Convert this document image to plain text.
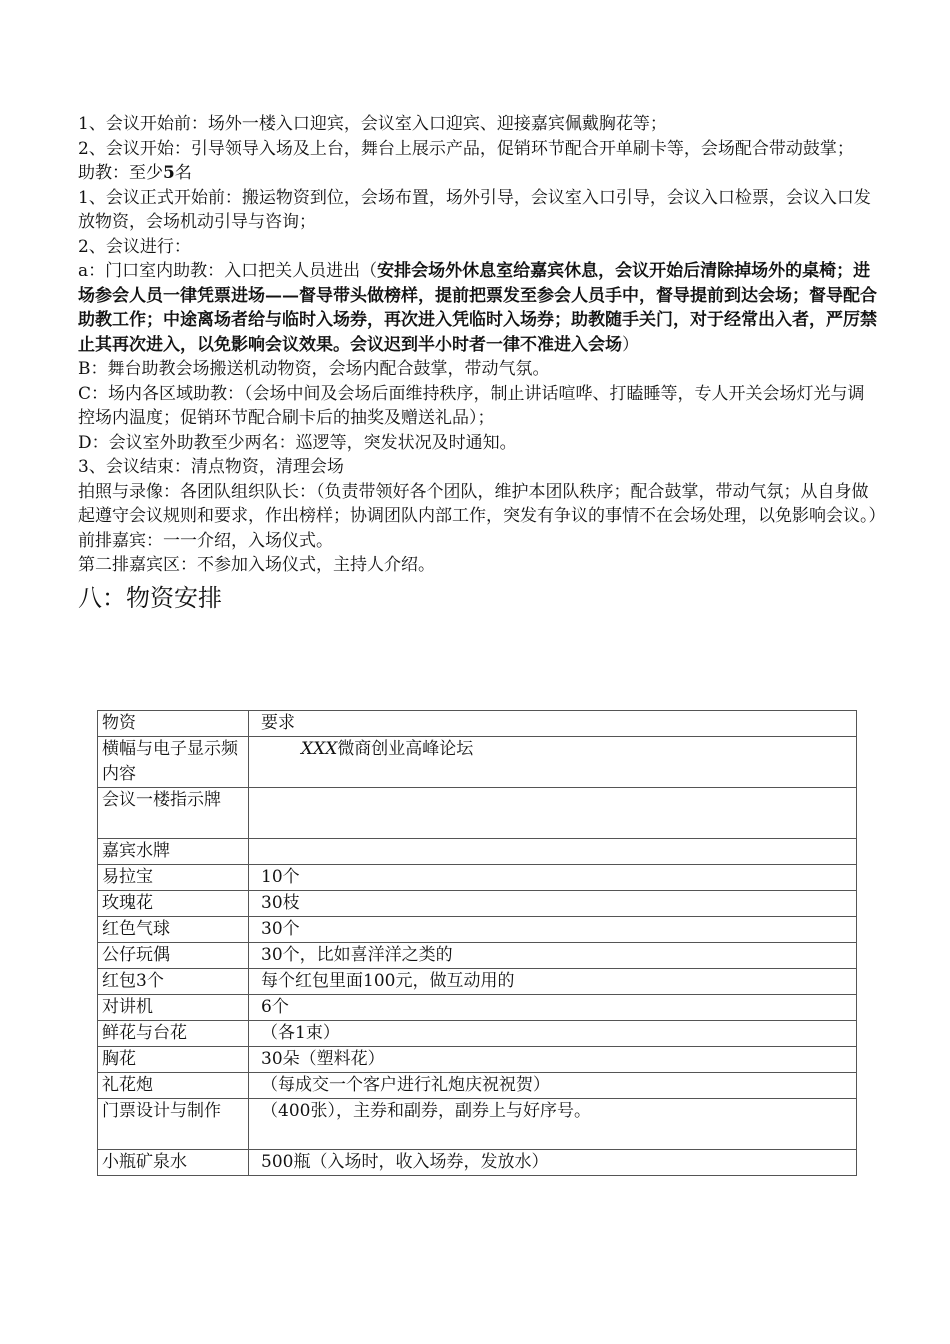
1、会议开始前：场外一楼入口迎宾，会议室入口迎宾、迎接嘉宾佩戴胸花等；

2、会议开始：引导领导入场及上台，舞台上展示产品，促销环节配合开单刷卡等，会场配合带动鼓掌；

助教：至少5名

1、会议正式开始前：搬运物资到位，会场布置，场外引导，会议室入口引导，会议入口检票，会议入口发放物资，会场机动引导与咨询；

2、会议进行：

a：门口室内助教：入口把关人员进出（安排会场外休息室给嘉宾休息，会议开始后清除掉场外的桌椅；进场参会人员一律凭票进场——督导带头做榜样，提前把票发至参会人员手中，督导提前到达会场；督导配合助教工作；中途离场者给与临时入场券，再次进入凭临时入场券；助教随手关门，对于经常出入者，严厉禁止其再次进入，以免影响会议效果。会议迟到半小时者一律不准进入会场）

B：舞台助教会场搬送机动物资，会场内配合鼓掌，带动气氛。

C：场内各区域助教：（会场中间及会场后面维持秩序，制止讲话喧哗、打瞌睡等，专人开关会场灯光与调控场内温度；促销环节配合刷卡后的抽奖及赠送礼品）；

D：会议室外助教至少两名：巡逻等，突发状况及时通知。

3、会议结束：清点物资，清理会场

拍照与录像：各团队组织队长：（负责带领好各个团队，维护本团队秩序；配合鼓掌，带动气氛；从自身做起遵守会议规则和要求，作出榜样；协调团队内部工作，突发有争议的事情不在会场处理，以免影响会议。）

前排嘉宾：一一介绍，入场仪式。

第二排嘉宾区：不参加入场仪式，主持人介绍。

八：物资安排
物资	要求
横幅与电子显示频内容	XXX微商创业高峰论坛
会议一楼指示牌	
嘉宾水牌	
易拉宝	10个
玫瑰花	30枝
红色气球	30个
公仔玩偶	30个，比如喜洋洋之类的
红包3个	每个红包里面100元，做互动用的
对讲机	6个
鲜花与台花	（各1束）
胸花	30朵（塑料花）
礼花炮	（每成交一个客户进行礼炮庆祝祝贺）
门票设计与制作	（400张），主券和副券，副券上与好序号。
小瓶矿泉水	500瓶（入场时，收入场券，发放水）
